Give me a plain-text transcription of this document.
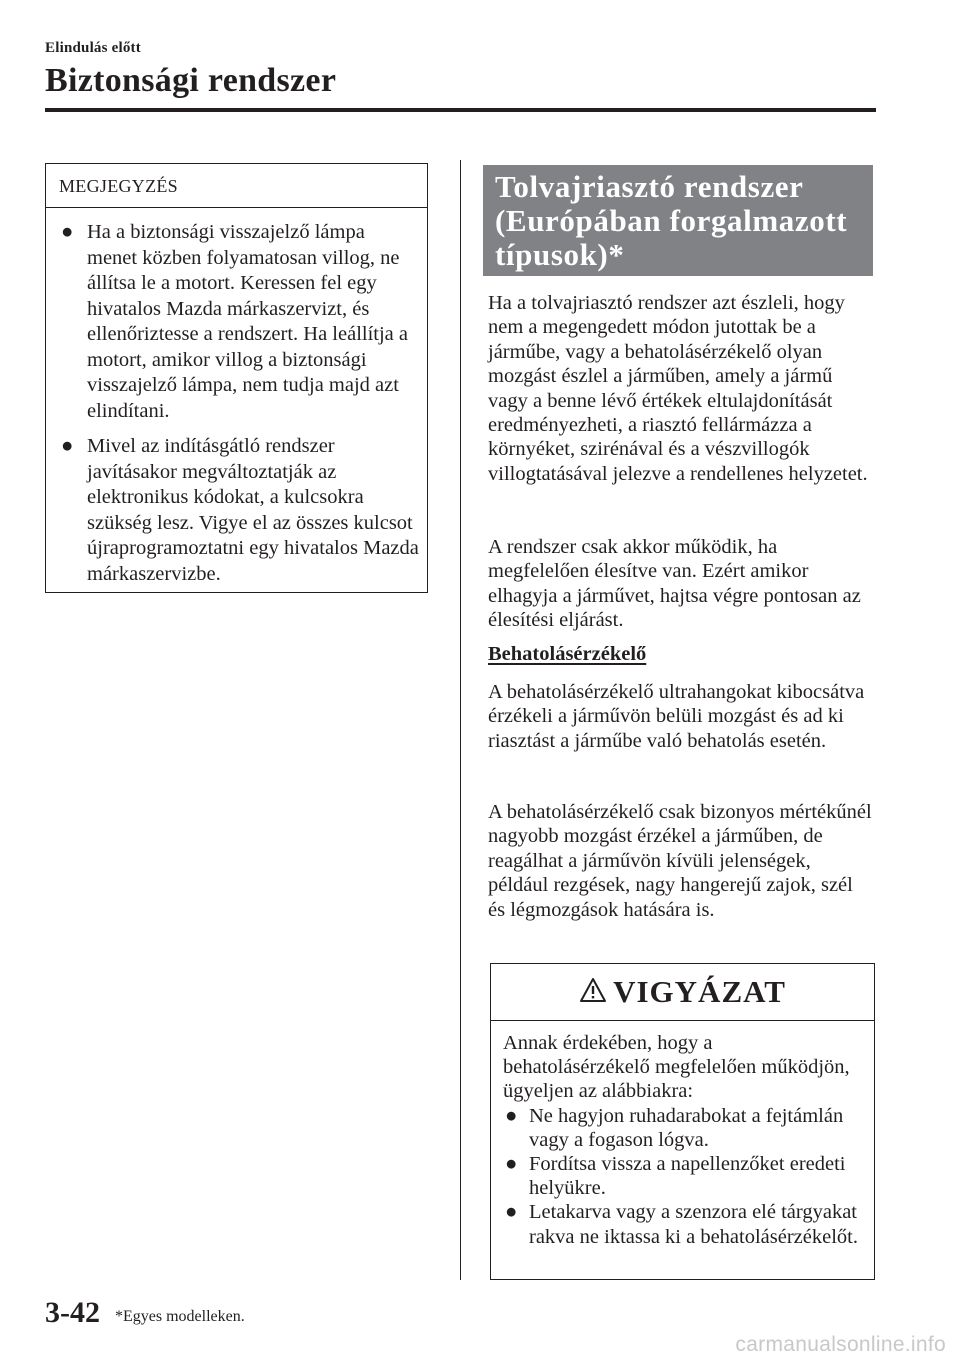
Elindulás előtt
Biztonsági rendszer
MEGJEGYZÉS
● Ha a biztonsági visszajelző lámpa menet közben folyamatosan villog, ne állítsa le a motort. Keressen fel egy hivatalos Mazda márkaszervizt, és ellenőriztesse a rendszert. Ha leállítja a motort, amikor villog a biztonsági visszajelző lámpa, nem tudja majd azt elindítani.
● Mivel az indításgátló rendszer javításakor megváltoztatják az elektronikus kódokat, a kulcsokra szükség lesz. Vigye el az összes kulcsot újraprogramoztatni egy hivatalos Mazda márkaszervizbe.
Tolvajriasztó rendszer
(Európában forgalmazott
típusok)*

Ha a tolvajriasztó rendszer azt észleli, hogy nem a megengedett módon jutottak be a járműbe, vagy a behatolásérzékelő olyan mozgást észlel a járműben, amely a jármű vagy a benne lévő értékek eltulajdonítását eredményezheti, a riasztó fellármázza a környéket, szirénával és a vészvillogók villogtatásával jelezve a rendellenes helyzetet.

A rendszer csak akkor működik, ha megfelelően élesítve van. Ezért amikor elhagyja a járművet, hajtsa végre pontosan az élesítési eljárást.

Behatolásérzékelő

A behatolásérzékelő ultrahangokat kibocsátva érzékeli a járművön belüli mozgást és ad ki riasztást a járműbe való behatolás esetén.

A behatolásérzékelő csak bizonyos mértékűnél nagyobb mozgást érzékel a járműben, de reagálhat a járművön kívüli jelenségek, például rezgések, nagy hangerejű zajok, szél és légmozgások hatására is.

VIGYÁZAT

Annak érdekében, hogy a behatolásérzékelő megfelelően működjön, ügyeljen az alábbiakra:

● Ne hagyjon ruhadarabokat a fejtámlán vagy a fogason lógva.
● Fordítsa vissza a napellenzőket eredeti helyükre.
● Letakarva vagy a szenzora elé tárgyakat rakva ne iktassa ki a behatolásérzékelőt.
3-42 *Egyes modelleken.
carmanualsonline.info
